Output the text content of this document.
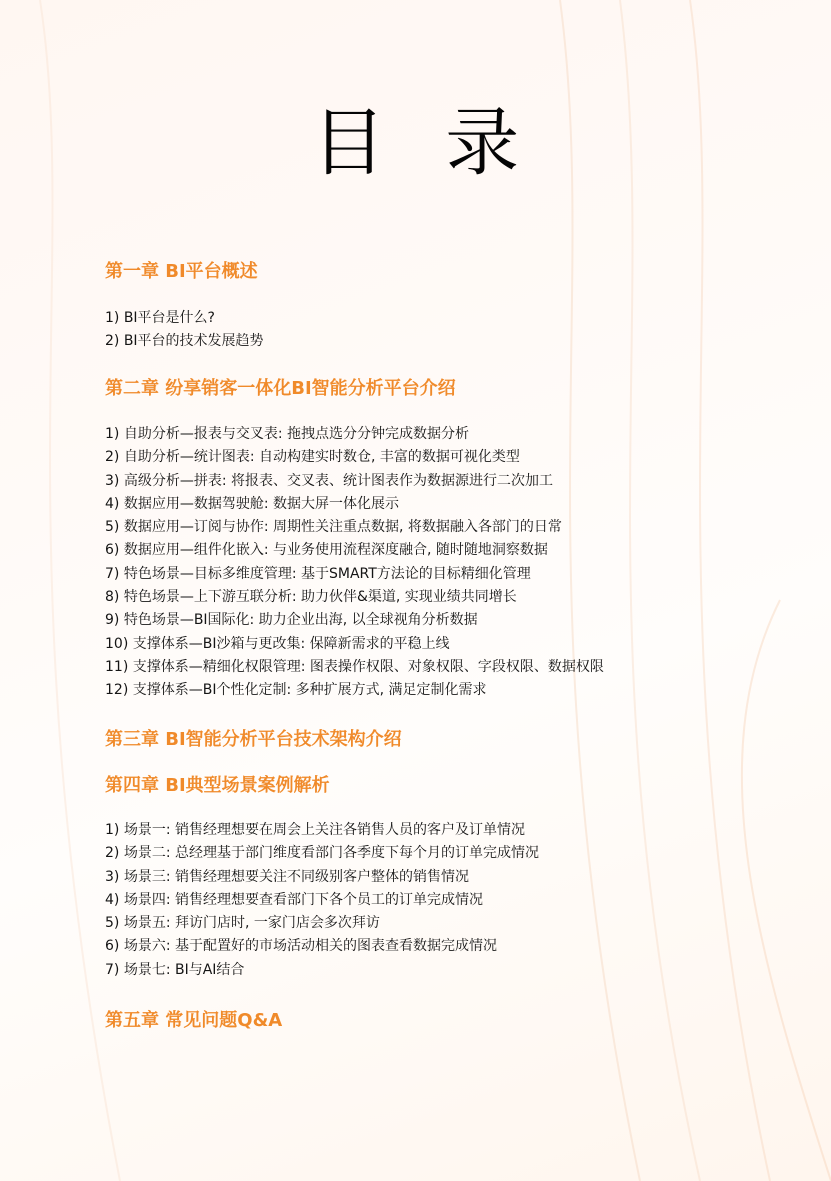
目 录
第一章 BI平台概述
1) BI平台是什么?
2) BI平台的技术发展趋势
第二章 纷享销客一体化BI智能分析平台介绍
1) 自助分析—报表与交叉表: 拖拽点选分分钟完成数据分析
2) 自助分析—统计图表: 自动构建实时数仓, 丰富的数据可视化类型
3) 高级分析—拼表: 将报表、交叉表、统计图表作为数据源进行二次加工
4) 数据应用—数据驾驶舱: 数据大屏一体化展示
5) 数据应用—订阅与协作: 周期性关注重点数据, 将数据融入各部门的日常
6) 数据应用—组件化嵌入: 与业务使用流程深度融合, 随时随地洞察数据
7) 特色场景—目标多维度管理: 基于SMART方法论的目标精细化管理
8) 特色场景—上下游互联分析: 助力伙伴&渠道, 实现业绩共同增长
9) 特色场景—BI国际化: 助力企业出海, 以全球视角分析数据
10) 支撑体系—BI沙箱与更改集: 保障新需求的平稳上线
11) 支撑体系—精细化权限管理: 图表操作权限、对象权限、字段权限、数据权限
12) 支撑体系—BI个性化定制: 多种扩展方式, 满足定制化需求
第三章 BI智能分析平台技术架构介绍
第四章 BI典型场景案例解析
1) 场景一: 销售经理想要在周会上关注各销售人员的客户及订单情况
2) 场景二: 总经理基于部门维度看部门各季度下每个月的订单完成情况
3) 场景三: 销售经理想要关注不同级别客户整体的销售情况
4) 场景四: 销售经理想要查看部门下各个员工的订单完成情况
5) 场景五: 拜访门店时, 一家门店会多次拜访
6) 场景六: 基于配置好的市场活动相关的图表查看数据完成情况
7) 场景七: BI与AI结合
第五章 常见问题Q&A
